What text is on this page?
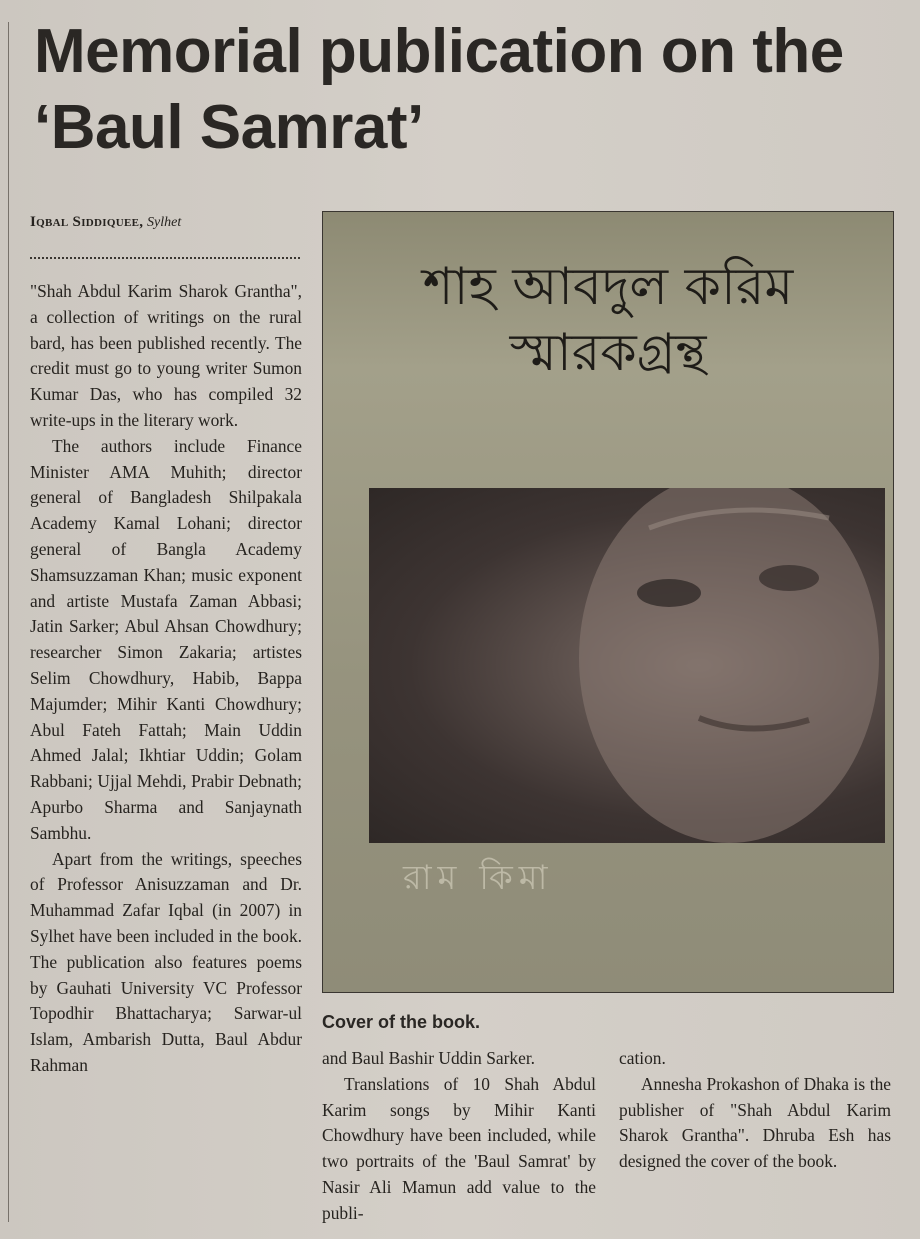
Memorial publication on the ‘Baul Samrat’
Iqbal Siddiquee, Sylhet

"Shah Abdul Karim Sharok Grantha", a collection of writings on the rural bard, has been published recently. The credit must go to young writer Sumon Kumar Das, who has compiled 32 write-ups in the literary work.

The authors include Finance Minister AMA Muhith; director general of Bangladesh Shilpakala Academy Kamal Lohani; director general of Bangla Academy Shamsuzzaman Khan; music exponent and artiste Mustafa Zaman Abbasi; Jatin Sarker; Abul Ahsan Chowdhury; researcher Simon Zakaria; artistes Selim Chowdhury, Habib, Bappa Majumder; Mihir Kanti Chowdhury; Abul Fateh Fattah; Main Uddin Ahmed Jalal; Ikhtiar Uddin; Golam Rabbani; Ujjal Mehdi, Prabir Debnath; Apurbo Sharma and Sanjaynath Sambhu.

Apart from the writings, speeches of Professor Anisuzzaman and Dr. Muhammad Zafar Iqbal (in 2007) in Sylhet have been included in the book. The publication also features poems by Gauhati University VC Professor Topodhir Bhattacharya; Sarwar-ul Islam, Ambarish Dutta, Baul Abdur Rahman

শাহ আবদুল করিম
স্মারকগ্রন্থ
রাম কিমা
Cover of the book.

and Baul Bashir Uddin Sarker.

Translations of 10 Shah Abdul Karim songs by Mihir Kanti Chowdhury have been included, while two portraits of the 'Baul Samrat' by Nasir Ali Mamun add value to the publi-

cation.

Annesha Prokashon of Dhaka is the publisher of "Shah Abdul Karim Sharok Grantha". Dhruba Esh has designed the cover of the book.
